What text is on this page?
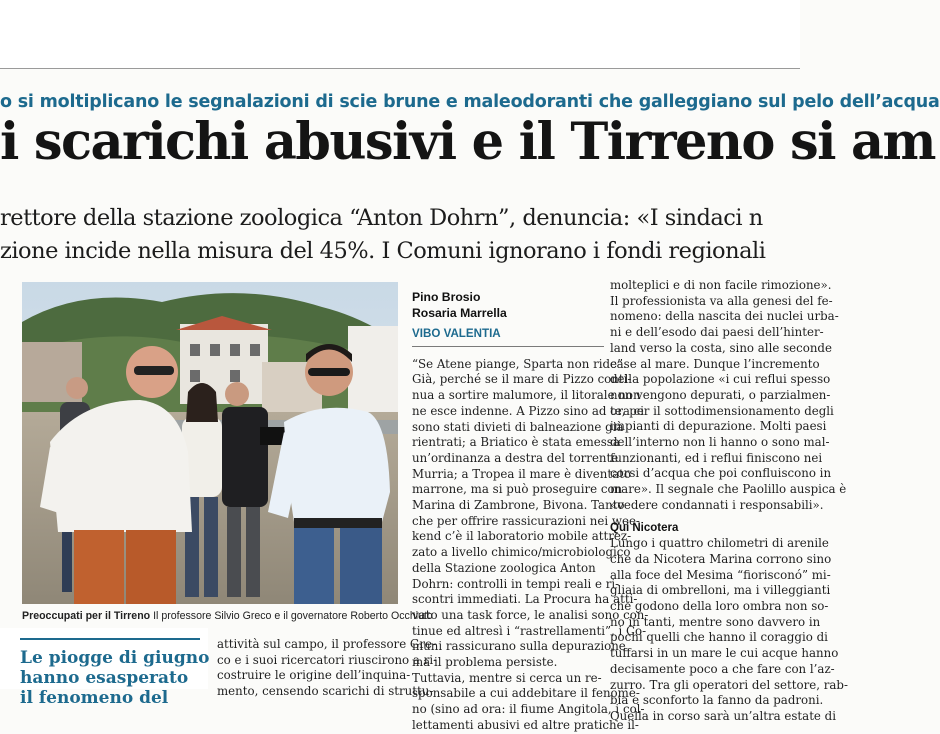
o si moltiplicano le segnalazioni di scie brune e maleodoranti che galleggiano sul pelo dell’acqua
i scarichi abusivi e il Tirreno si am
rettore della stazione zoologica “Anton Dohrn”, denuncia: «I sindaci n
zione incide nella misura del 45%. I Comuni ignorano i fondi regionali
Preoccupati per il Tirreno Il professore Silvio Greco e il governatore Roberto Occhiuto
Pino Brosio
Rosaria Marrella
VIBO VALENTIA
“Se Atene piange, Sparta non ride”.
Già, perché se il mare di Pizzo conti-
nua a sortire malumore, il litorale non
ne esce indenne. A Pizzo sino ad ora ci
sono stati divieti di balneazione già
rientrati; a Briatico è stata emessa
un’ordinanza a destra del torrente
Murria; a Tropea il mare è diventato
marrone, ma si può proseguire con
Marina di Zambrone, Bivona. Tanto
che per offrire rassicurazioni nei wee-
kend c’è il laboratorio mobile attrez-
zato a livello chimico/microbiologico
della Stazione zoologica Anton
Dohrn: controlli in tempi reali e ri-
scontri immediati. La Procura ha atti-
vato una task force, le analisi sono con-
tinue ed altresì i “rastrellamenti”, i Co-
muni rassicurano sulla depurazione
ma il problema persiste.
Tuttavia, mentre si cerca un re-
sponsabile a cui addebitare il fenome-
no (sino ad ora: il fiume Angitola, i col-
lettamenti abusivi ed altre pratiche il-
molteplici e di non facile rimozione».
Il professionista va alla genesi del fe-
nomeno: della nascita dei nuclei urba-
ni e dell’esodo dai paesi dell’hinter-
land verso la costa, sino alle seconde
case al mare. Dunque l’incremento
della popolazione «i cui reflui spesso
non vengono depurati, o parzialmen-
te, per il sottodimensionamento degli
impianti di depurazione. Molti paesi
dell’interno non li hanno o sono mal-
funzionanti, ed i reflui finiscono nei
corsi d’acqua che poi confluiscono in
mare». Il segnale che Paolillo auspica è
«vedere condannati i responsabili».
Qui Nicotera
Lungo i quattro chilometri di arenile
che da Nicotera Marina corrono sino
alla foce del Mesima “fiorisconó” mi-
gliaia di ombrelloni, ma i villeggianti
che godono della loro ombra non so-
no in tanti, mentre sono davvero in
pochi quelli che hanno il coraggio di
tuffarsi in un mare le cui acque hanno
decisamente poco a che fare con l’az-
zurro. Tra gli operatori del settore, rab-
bia e sconforto la fanno da padroni.
Quella in corso sarà un’altra estate di
attività sul campo, il professore Gre-
co e i suoi ricercatori riuscirono a ri-
costruire le origine dell’inquina-
mento, censendo scarichi di struttu-
Le piogge di giugno
hanno esasperato
il fenomeno del
